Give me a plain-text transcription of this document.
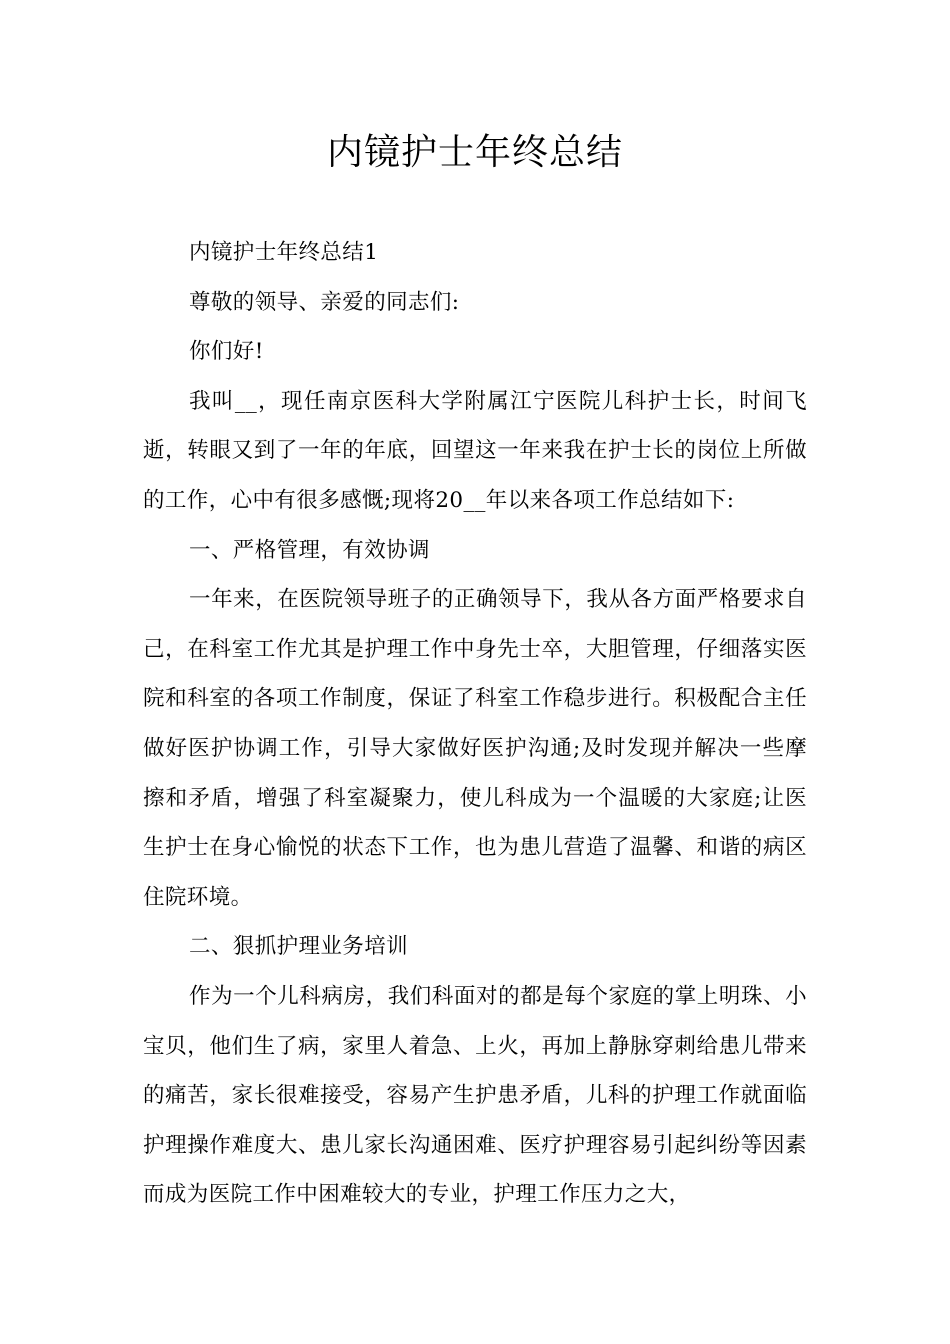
内镜护士年终总结

内镜护士年终总结1

尊敬的领导、亲爱的同志们:

你们好!

我叫__，现任南京医科大学附属江宁医院儿科护士长，时间飞逝，转眼又到了一年的年底，回望这一年来我在护士长的岗位上所做的工作，心中有很多感慨;现将20__年以来各项工作总结如下:

一、严格管理，有效协调

一年来，在医院领导班子的正确领导下，我从各方面严格要求自己，在科室工作尤其是护理工作中身先士卒，大胆管理，仔细落实医院和科室的各项工作制度，保证了科室工作稳步进行。积极配合主任做好医护协调工作，引导大家做好医护沟通;及时发现并解决一些摩擦和矛盾，增强了科室凝聚力，使儿科成为一个温暖的大家庭;让医生护士在身心愉悦的状态下工作，也为患儿营造了温馨、和谐的病区住院环境。

二、狠抓护理业务培训

作为一个儿科病房，我们科面对的都是每个家庭的掌上明珠、小宝贝，他们生了病，家里人着急、上火，再加上静脉穿刺给患儿带来的痛苦，家长很难接受，容易产生护患矛盾，儿科的护理工作就面临护理操作难度大、患儿家长沟通困难、医疗护理容易引起纠纷等因素而成为医院工作中困难较大的专业，护理工作压力之大，
